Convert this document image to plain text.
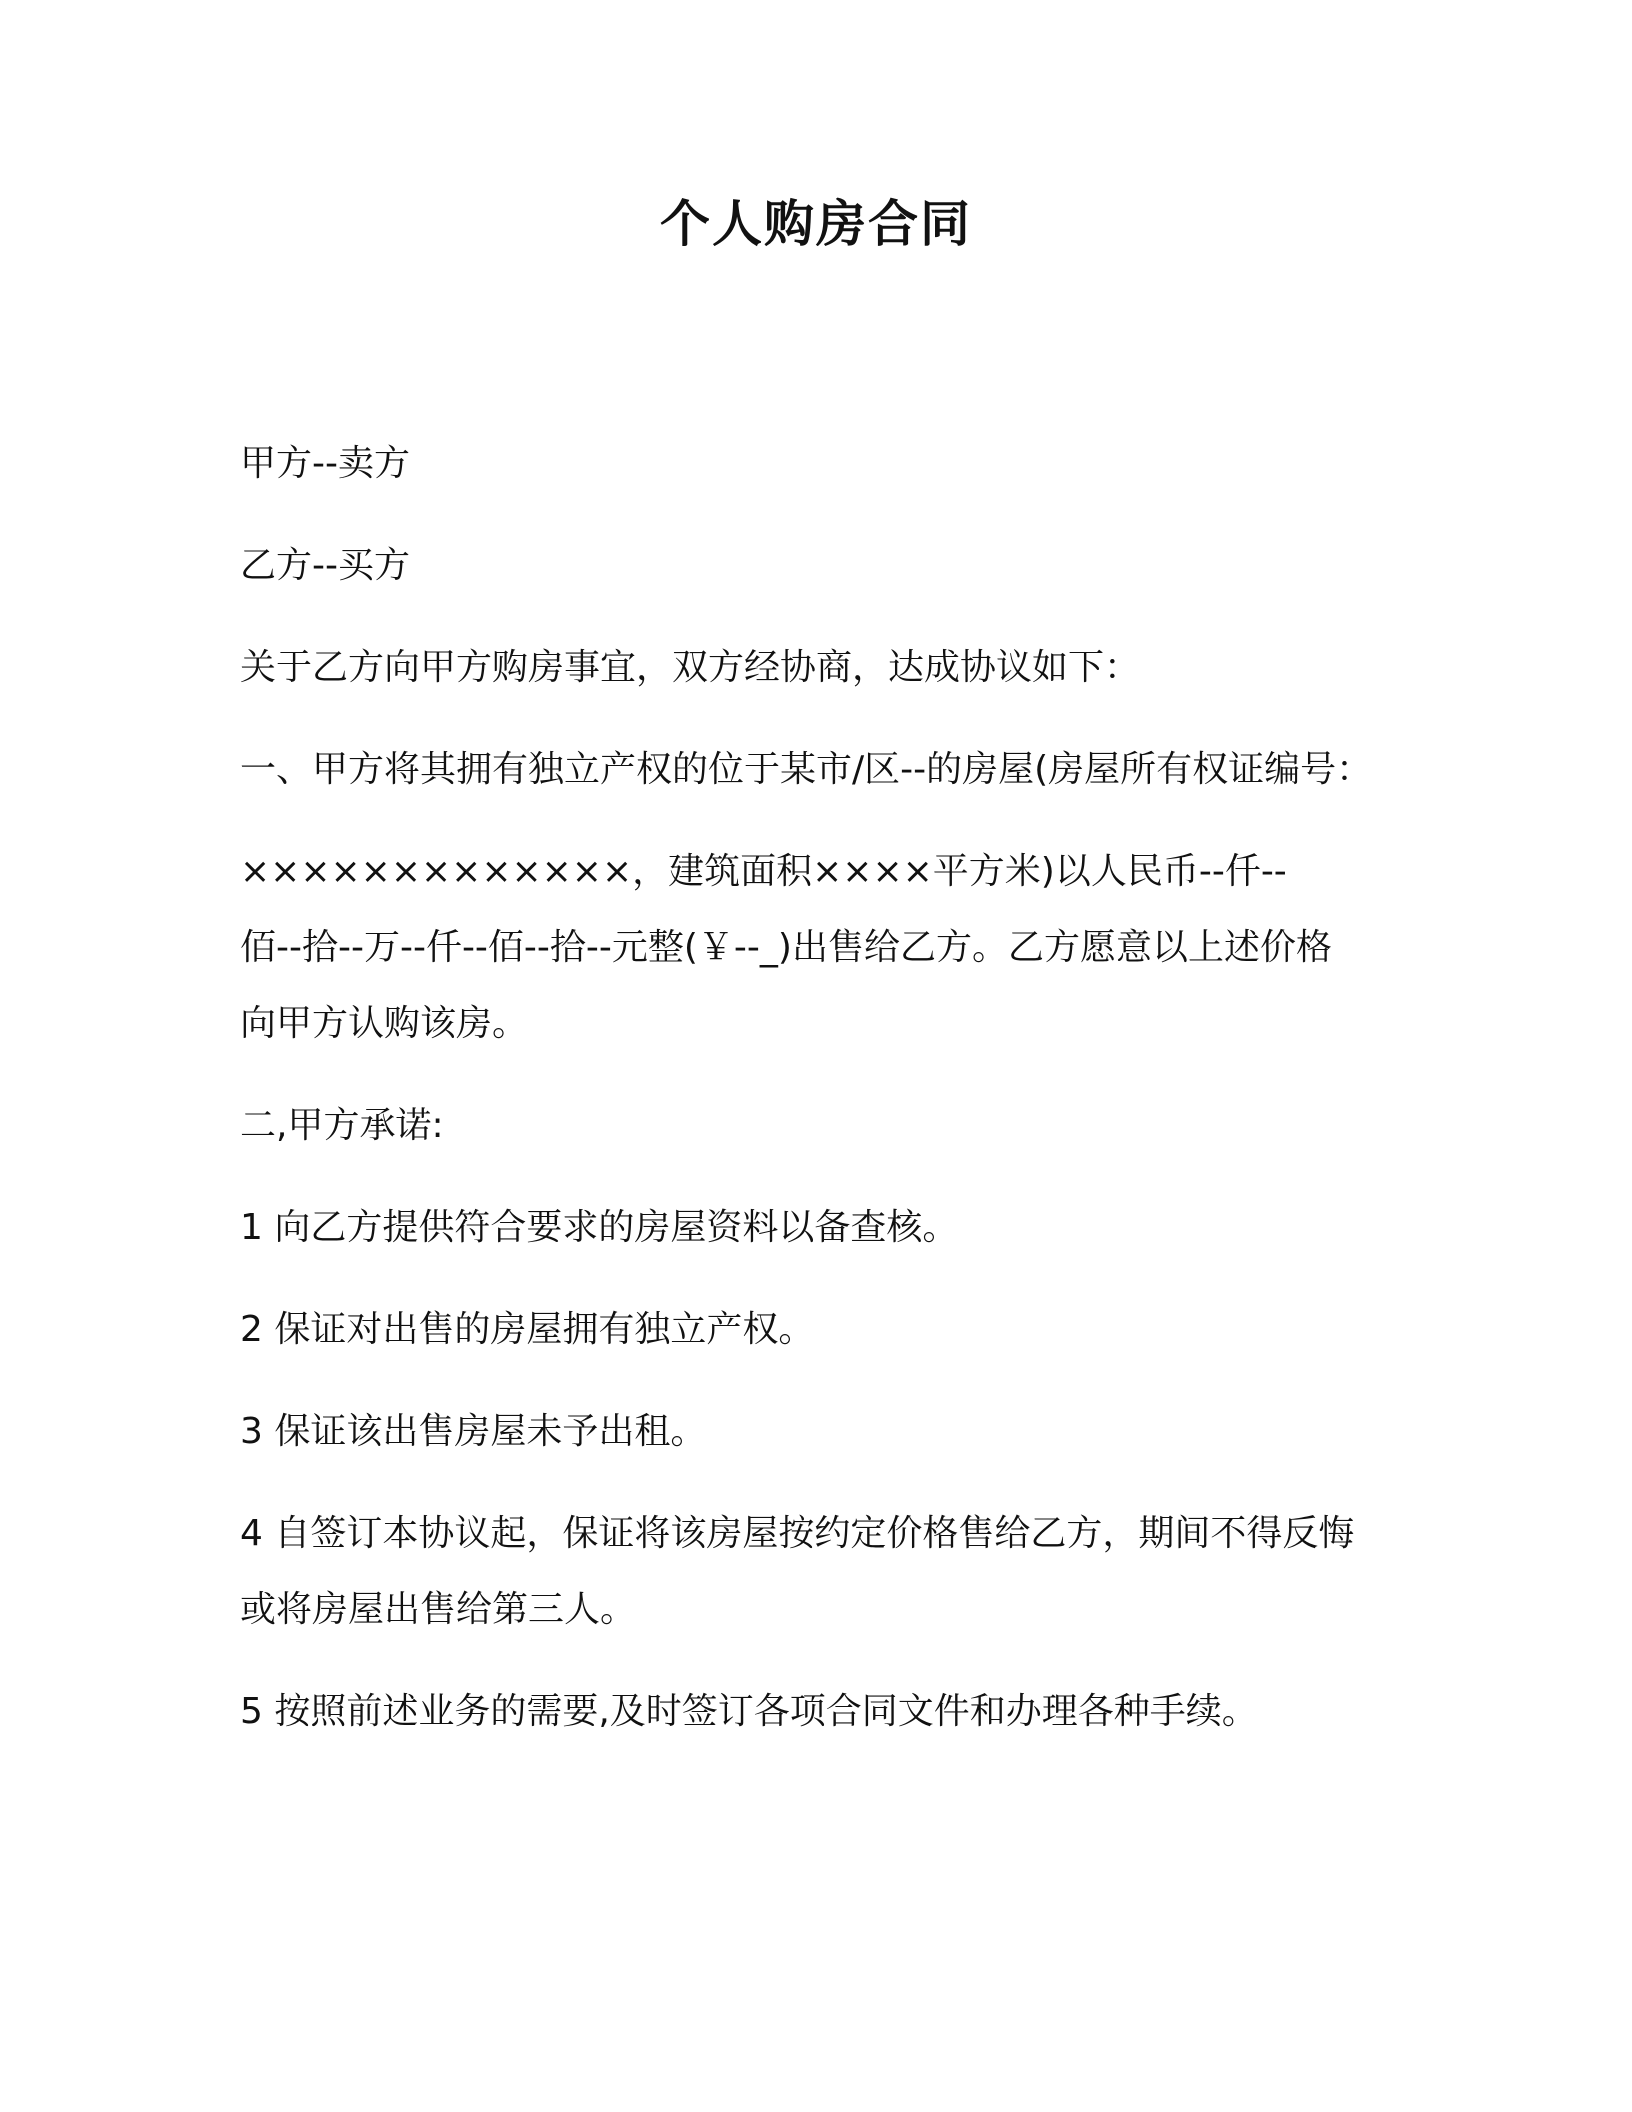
个人购房合同

甲方--卖方

乙方--买方

关于乙方向甲方购房事宜，双方经协商，达成协议如下：

一、甲方将其拥有独立产权的位于某市/区--的房屋(房屋所有权证编号：

×××××××××××××，建筑面积××××平方米)以人民币--仟--

佰--拾--万--仟--佰--拾--元整(￥--_)出售给乙方。乙方愿意以上述价格

向甲方认购该房。

二,甲方承诺:

1 向乙方提供符合要求的房屋资料以备查核。

2 保证对出售的房屋拥有独立产权。

3 保证该出售房屋未予出租。

4 自签订本协议起，保证将该房屋按约定价格售给乙方，期间不得反悔

或将房屋出售给第三人。

5 按照前述业务的需要,及时签订各项合同文件和办理各种手续。
